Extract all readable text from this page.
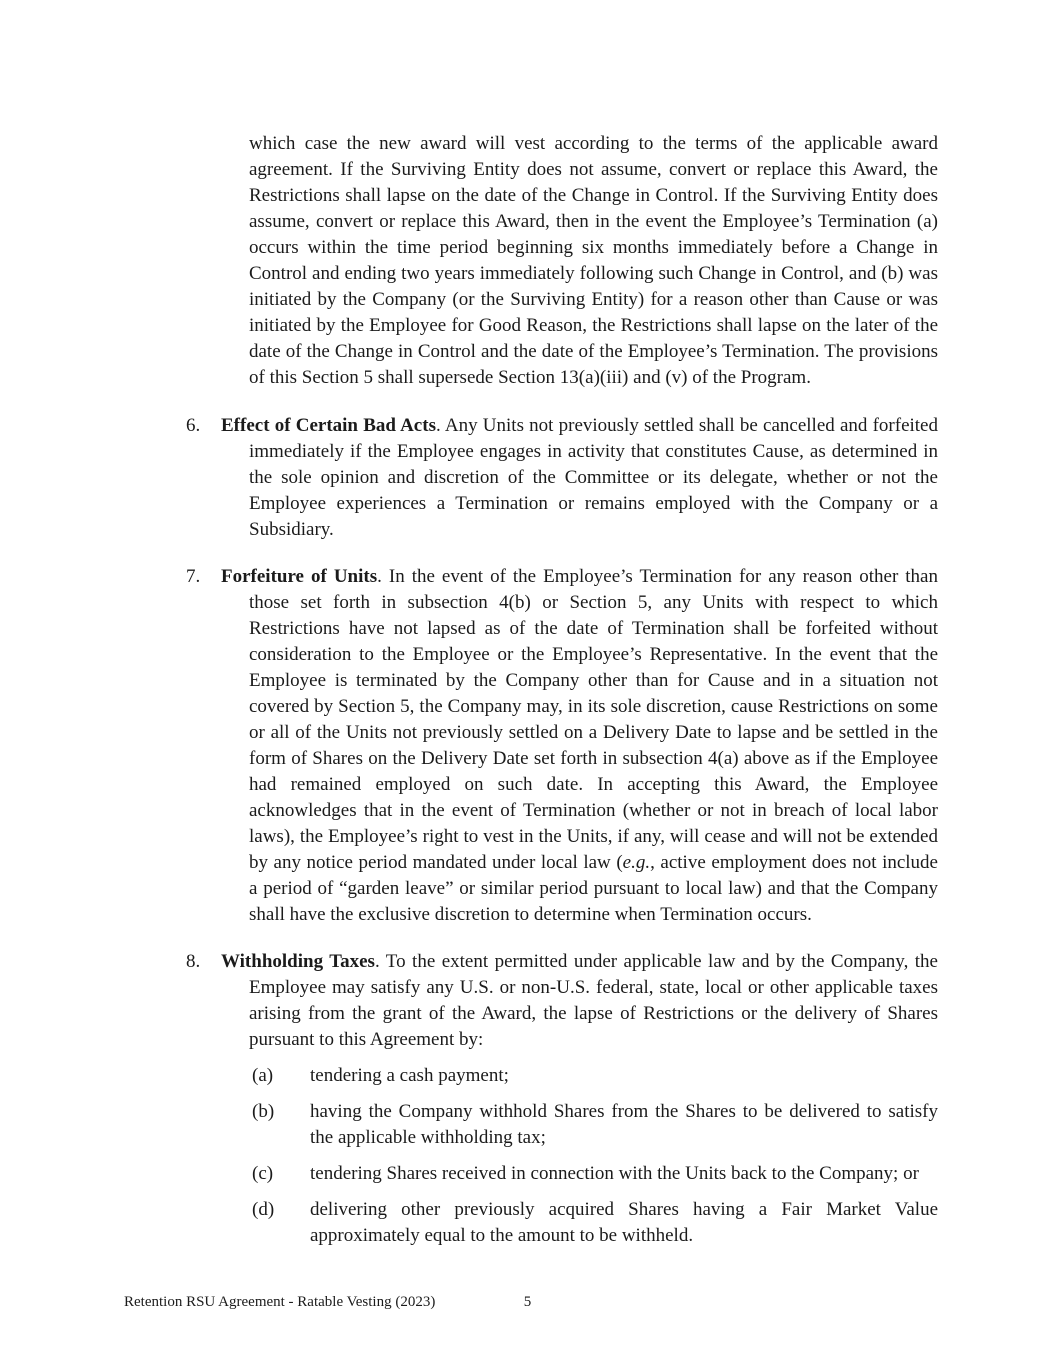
which case the new award will vest according to the terms of the applicable award agreement. If the Surviving Entity does not assume, convert or replace this Award, the Restrictions shall lapse on the date of the Change in Control. If the Surviving Entity does assume, convert or replace this Award, then in the event the Employee’s Termination (a) occurs within the time period beginning six months immediately before a Change in Control and ending two years immediately following such Change in Control, and (b) was initiated by the Company (or the Surviving Entity) for a reason other than Cause or was initiated by the Employee for Good Reason, the Restrictions shall lapse on the later of the date of the Change in Control and the date of the Employee’s Termination. The provisions of this Section 5 shall supersede Section 13(a)(iii) and (v) of the Program.

6. Effect of Certain Bad Acts. Any Units not previously settled shall be cancelled and forfeited immediately if the Employee engages in activity that constitutes Cause, as determined in the sole opinion and discretion of the Committee or its delegate, whether or not the Employee experiences a Termination or remains employed with the Company or a Subsidiary.

7. Forfeiture of Units. In the event of the Employee’s Termination for any reason other than those set forth in subsection 4(b) or Section 5, any Units with respect to which Restrictions have not lapsed as of the date of Termination shall be forfeited without consideration to the Employee or the Employee’s Representative. In the event that the Employee is terminated by the Company other than for Cause and in a situation not covered by Section 5, the Company may, in its sole discretion, cause Restrictions on some or all of the Units not previously settled on a Delivery Date to lapse and be settled in the form of Shares on the Delivery Date set forth in subsection 4(a) above as if the Employee had remained employed on such date. In accepting this Award, the Employee acknowledges that in the event of Termination (whether or not in breach of local labor laws), the Employee’s right to vest in the Units, if any, will cease and will not be extended by any notice period mandated under local law (e.g., active employment does not include a period of “garden leave” or similar period pursuant to local law) and that the Company shall have the exclusive discretion to determine when Termination occurs.

8. Withholding Taxes. To the extent permitted under applicable law and by the Company, the Employee may satisfy any U.S. or non-U.S. federal, state, local or other applicable taxes arising from the grant of the Award, the lapse of Restrictions or the delivery of Shares pursuant to this Agreement by:

(a) tendering a cash payment;

(b) having the Company withhold Shares from the Shares to be delivered to satisfy the applicable withholding tax;

(c) tendering Shares received in connection with the Units back to the Company; or

(d) delivering other previously acquired Shares having a Fair Market Value approximately equal to the amount to be withheld.

Retention RSU Agreement - Ratable Vesting (2023)	5
